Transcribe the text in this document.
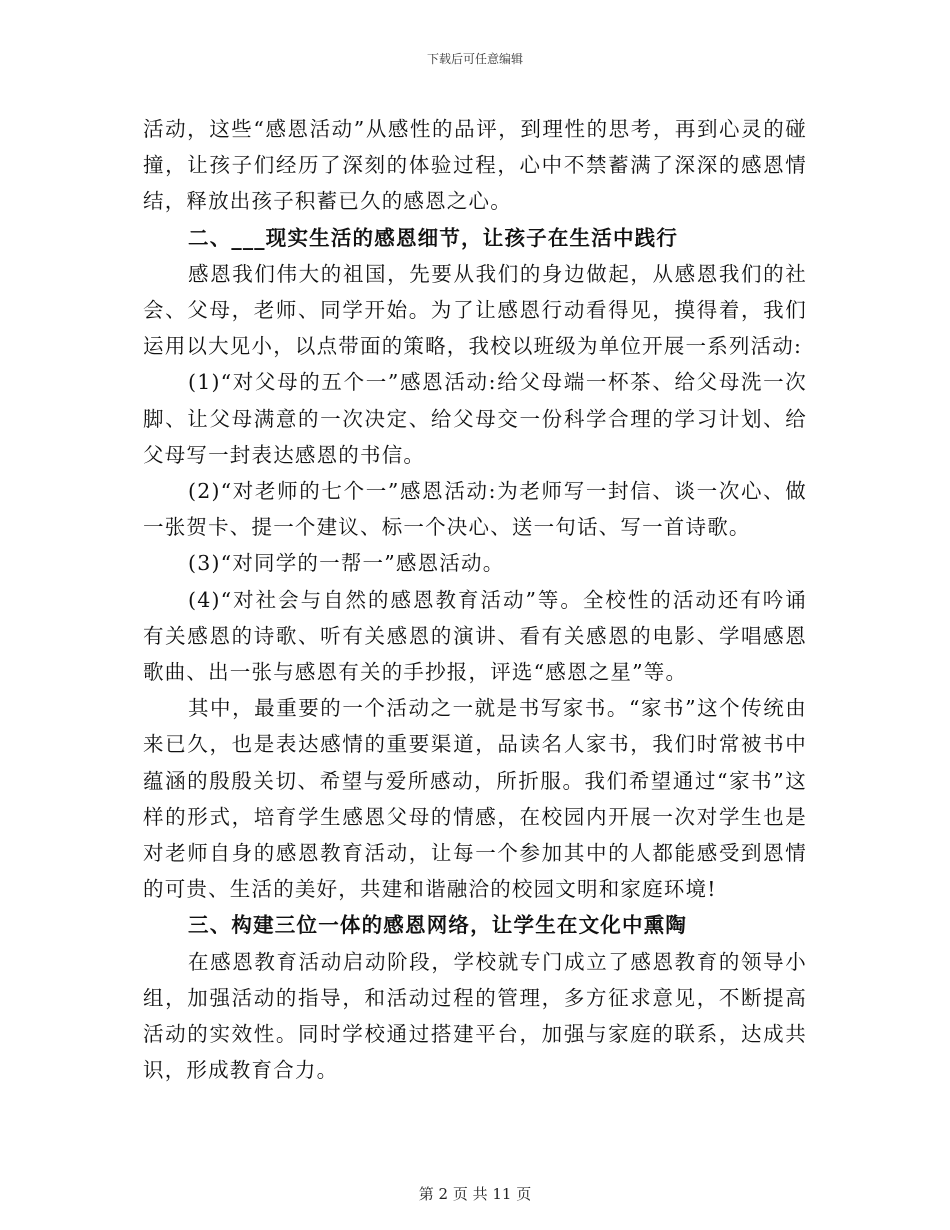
下载后可任意编辑

活动，这些“感恩活动”从感性的品评，到理性的思考，再到心灵的碰撞，让孩子们经历了深刻的体验过程，心中不禁蓄满了深深的感恩情结，释放出孩子积蓄已久的感恩之心。

二、___现实生活的感恩细节，让孩子在生活中践行

感恩我们伟大的祖国，先要从我们的身边做起，从感恩我们的社会、父母，老师、同学开始。为了让感恩行动看得见，摸得着，我们运用以大见小，以点带面的策略，我校以班级为单位开展一系列活动:

(1)“对父母的五个一”感恩活动:给父母端一杯茶、给父母洗一次脚、让父母满意的一次决定、给父母交一份科学合理的学习计划、给父母写一封表达感恩的书信。

(2)“对老师的七个一”感恩活动:为老师写一封信、谈一次心、做一张贺卡、提一个建议、标一个决心、送一句话、写一首诗歌。

(3)“对同学的一帮一”感恩活动。

(4)“对社会与自然的感恩教育活动”等。全校性的活动还有吟诵有关感恩的诗歌、听有关感恩的演讲、看有关感恩的电影、学唱感恩歌曲、出一张与感恩有关的手抄报，评选“感恩之星”等。

其中，最重要的一个活动之一就是书写家书。“家书”这个传统由来已久，也是表达感情的重要渠道，品读名人家书，我们时常被书中蕴涵的殷殷关切、希望与爱所感动，所折服。我们希望通过“家书”这样的形式，培育学生感恩父母的情感，在校园内开展一次对学生也是对老师自身的感恩教育活动，让每一个参加其中的人都能感受到恩情的可贵、生活的美好，共建和谐融洽的校园文明和家庭环境!

三、构建三位一体的感恩网络，让学生在文化中熏陶

在感恩教育活动启动阶段，学校就专门成立了感恩教育的领导小组，加强活动的指导，和活动过程的管理，多方征求意见，不断提高活动的实效性。同时学校通过搭建平台，加强与家庭的联系，达成共识，形成教育合力。

第 2 页 共 11 页
